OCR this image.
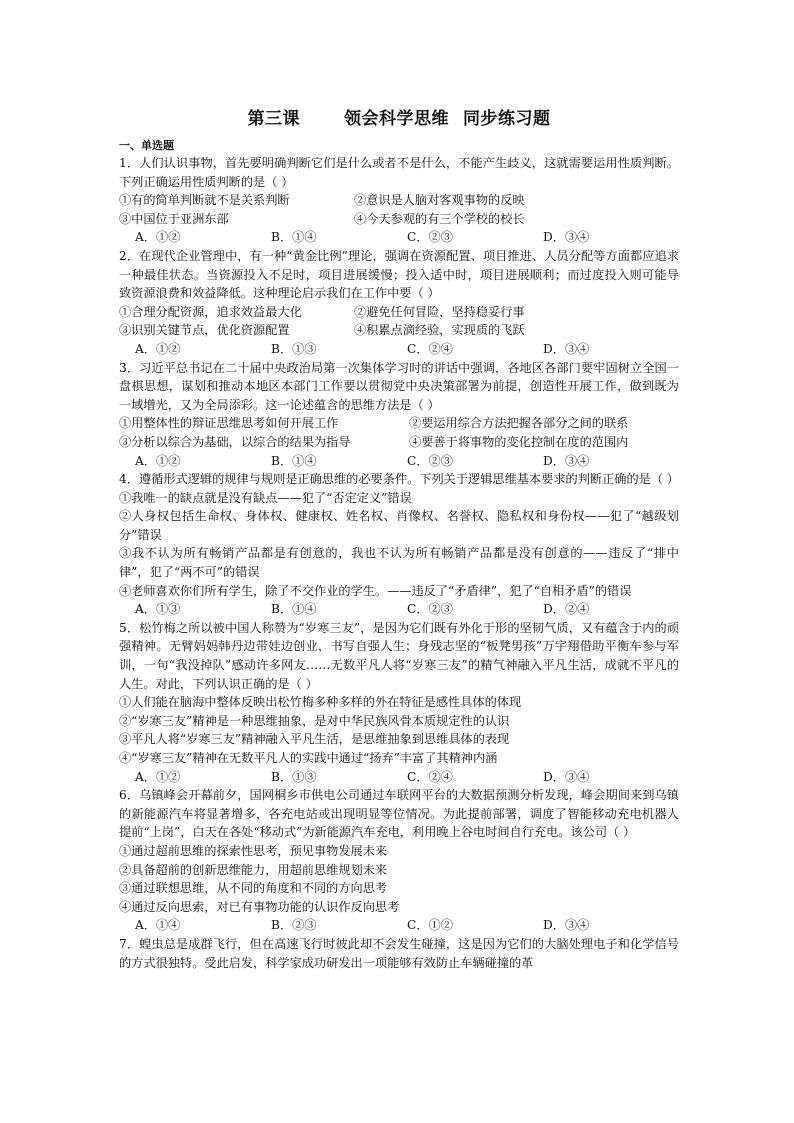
第三课	领会科学思维 同步练习题
一、单选题
1．人们认识事物，首先要明确判断它们是什么或者不是什么，不能产生歧义，这就需要运用性质判断。下列正确运用性质判断的是（ ）
①有的简单判断就不是关系判断	②意识是人脑对客观事物的反映
③中国位于亚洲东部	④今天参观的有三个学校的校长
A．①②	B．①④	C．②③	D．③④
2．在现代企业管理中，有一种“黄金比例”理论，强调在资源配置、项目推进、人员分配等方面都应追求一种最佳状态。当资源投入不足时，项目进展缓慢；投入适中时，项目进展顺利；而过度投入则可能导致资源浪费和效益降低。这种理论启示我们在工作中要（ ）
①合理分配资源，追求效益最大化	②避免任何冒险，坚持稳妥行事
③识别关键节点，优化资源配置	④积累点滴经验，实现质的飞跃
A．①②	B．①③	C．②④	D．③④
3．习近平总书记在二十届中央政治局第一次集体学习时的讲话中强调，各地区各部门要牢固树立全国一盘棋思想，谋划和推动本地区本部门工作要以贯彻党中央决策部署为前提，创造性开展工作，做到既为一域增光，又为全局添彩。这一论述蕴含的思维方法是（ ）
①用整体性的辩证思维思考如何开展工作	②要运用综合方法把握各部分之间的联系
③分析以综合为基础，以综合的结果为指导	④要善于将事物的变化控制在度的范围内
A．①②	B．①④	C．②③	D．③④
4．遵循形式逻辑的规律与规则是正确思维的必要条件。下列关于逻辑思维基本要求的判断正确的是（ ）
①我唯一的缺点就是没有缺点——犯了“否定定义”错误
②人身权包括生命权、身体权、健康权、姓名权、肖像权、名誉权、隐私权和身份权——犯了“越级划分”错误
③我不认为所有畅销产品都是有创意的，我也不认为所有畅销产品都是没有创意的——违反了“排中律”，犯了“两不可”的错误
④老师喜欢你们所有学生，除了不交作业的学生。——违反了“矛盾律”，犯了“自相矛盾”的错误
A．①③	B．①④	C．②③	D．②④
5．松竹梅之所以被中国人称赞为“岁寒三友”，是因为它们既有外化于形的坚韧气质，又有蕴含于内的顽强精神。无臂妈妈韩丹边带娃边创业，书写自强人生；身残志坚的“板凳男孩”万宇翔借助平衡车参与军训，一句“我没掉队”感动许多网友……无数平凡人将“岁寒三友”的精气神融入平凡生活，成就不平凡的人生。对此，下列认识正确的是（ ）
①人们能在脑海中整体反映出松竹梅多种多样的外在特征是感性具体的体现
②“岁寒三友”精神是一种思维抽象，是对中华民族风骨本质规定性的认识
③平凡人将“岁寒三友”精神融入平凡生活，是思维抽象到思维具体的表现
④“岁寒三友”精神在无数平凡人的实践中通过“扬弃”丰富了其精神内涵
A．①②	B．①③	C．②④	D．③④
6．乌镇峰会开幕前夕，国网桐乡市供电公司通过车联网平台的大数据预测分析发现，峰会期间来到乌镇的新能源汽车将显著增多，各充电站或出现明显等位情况。为此提前部署，调度了智能移动充电机器人提前“上岗”，白天在各处“移动式”为新能源汽车充电，利用晚上谷电时间自行充电。该公司（ ）
①通过超前思维的探索性思考，预见事物发展未来
②具备超前的创新思维能力，用超前思维规划未来
③通过联想思维，从不同的角度和不同的方向思考
④通过反向思索，对已有事物功能的认识作反向思考
A．①④	B．②③	C．①②	D．③④
7．蝗虫总是成群飞行，但在高速飞行时彼此却不会发生碰撞，这是因为它们的大脑处理电子和化学信号的方式很独特。受此启发，科学家成功研发出一项能够有效防止车辆碰撞的革
